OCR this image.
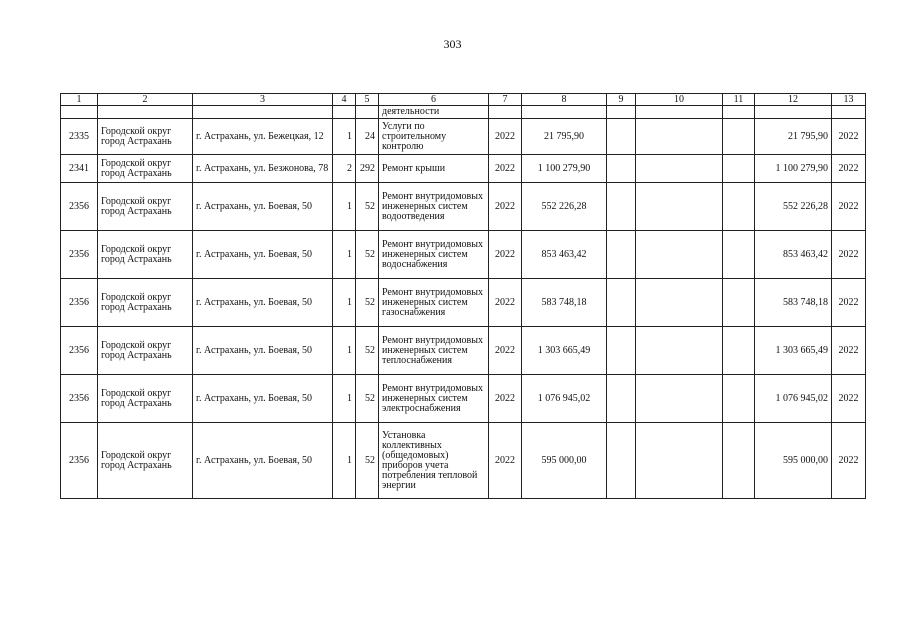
303
1	2	3	4	5	6	7	8	9	10	11	12	13
					деятельности							
2335	Городской округ город Астрахань	г. Астрахань, ул. Бежецкая, 12	1	24	Услуги по строительному контролю	2022	21 795,90				21 795,90	2022
2341	Городской округ город Астрахань	г. Астрахань, ул. Безжонова, 78	2	292	Ремонт крыши	2022	1 100 279,90				1 100 279,90	2022
2356	Городской округ город Астрахань	г. Астрахань, ул. Боевая, 50	1	52	Ремонт внутридомовых инженерных систем водоотведения	2022	552 226,28				552 226,28	2022
2356	Городской округ город Астрахань	г. Астрахань, ул. Боевая, 50	1	52	Ремонт внутридомовых инженерных систем водоснабжения	2022	853 463,42				853 463,42	2022
2356	Городской округ город Астрахань	г. Астрахань, ул. Боевая, 50	1	52	Ремонт внутридомовых инженерных систем газоснабжения	2022	583 748,18				583 748,18	2022
2356	Городской округ город Астрахань	г. Астрахань, ул. Боевая, 50	1	52	Ремонт внутридомовых инженерных систем теплоснабжения	2022	1 303 665,49				1 303 665,49	2022
2356	Городской округ город Астрахань	г. Астрахань, ул. Боевая, 50	1	52	Ремонт внутридомовых инженерных систем электроснабжения	2022	1 076 945,02				1 076 945,02	2022
2356	Городской округ город Астрахань	г. Астрахань, ул. Боевая, 50	1	52	Установка коллективных (общедомовых) приборов учета потребления тепловой энергии	2022	595 000,00				595 000,00	2022
